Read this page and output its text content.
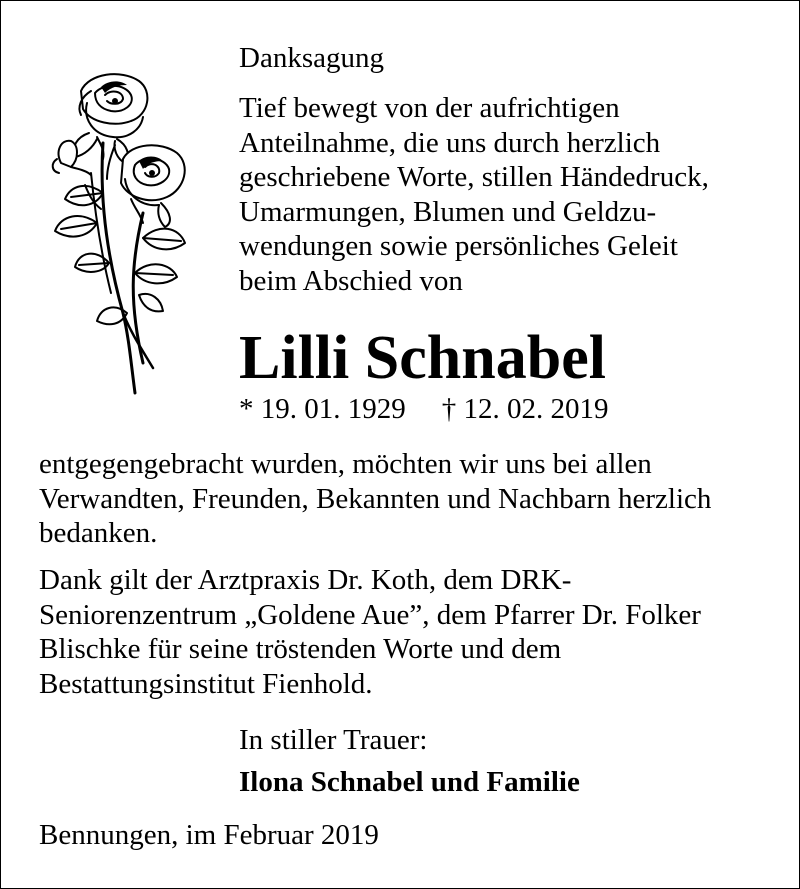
Danksagung

Tief bewegt von der aufrichtigen

Anteilnahme, die uns durch herzlich

geschriebene Worte, stillen Händedruck,

Umarmungen, Blumen und Geldzu-

wendungen sowie persönliches Geleit

beim Abschied von

Lilli Schnabel
* 19. 01. 1929 † 12. 02. 2019

entgegengebracht wurden, möchten wir uns bei allen

Verwandten, Freunden, Bekannten und Nachbarn herzlich

bedanken.

Dank gilt der Arztpraxis Dr. Koth, dem DRK-

Seniorenzentrum „Goldene Aue”, dem Pfarrer Dr. Folker

Blischke für seine tröstenden Worte und dem

Bestattungsinstitut Fienhold.

In stiller Trauer:

Ilona Schnabel und Familie

Bennungen, im Februar 2019
